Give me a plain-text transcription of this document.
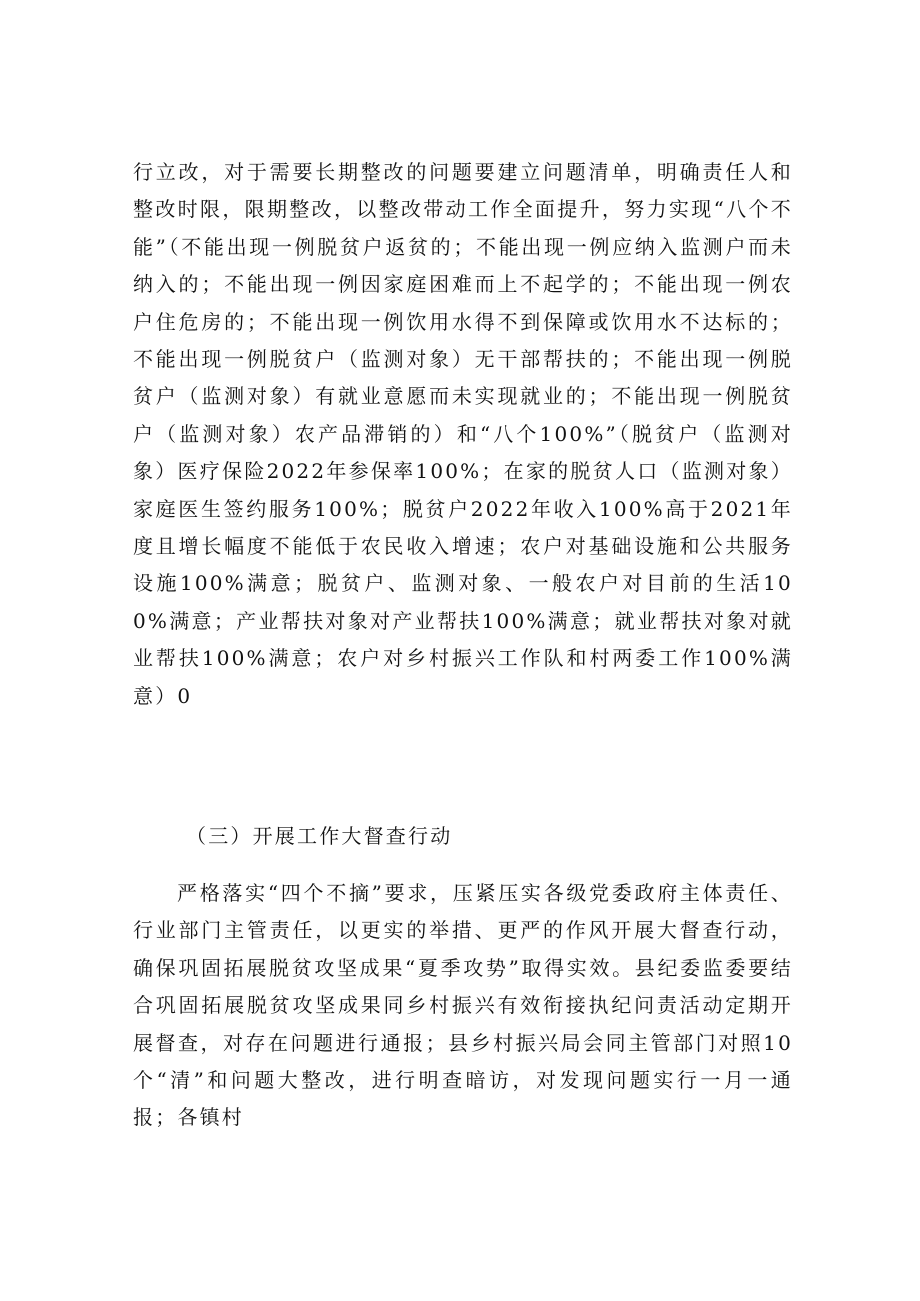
行立改，对于需要长期整改的问题要建立问题清单，明确责任人和整改时限，限期整改，以整改带动工作全面提升，努力实现“八个不能”（不能出现一例脱贫户返贫的；不能出现一例应纳入监测户而未纳入的；不能出现一例因家庭困难而上不起学的；不能出现一例农户住危房的；不能出现一例饮用水得不到保障或饮用水不达标的；不能出现一例脱贫户（监测对象）无干部帮扶的；不能出现一例脱贫户（监测对象）有就业意愿而未实现就业的；不能出现一例脱贫户（监测对象）农产品滞销的）和“八个100%”（脱贫户（监测对象）医疗保险2022年参保率100%；在家的脱贫人口（监测对象）家庭医生签约服务100%；脱贫户2022年收入100%高于2021年度且增长幅度不能低于农民收入增速；农户对基础设施和公共服务设施100%满意；脱贫户、监测对象、一般农户对目前的生活100%满意；产业帮扶对象对产业帮扶100%满意；就业帮扶对象对就业帮扶100%满意；农户对乡村振兴工作队和村两委工作100%满意）0
（三）开展工作大督查行动
严格落实“四个不摘”要求，压紧压实各级党委政府主体责任、行业部门主管责任，以更实的举措、更严的作风开展大督查行动，确保巩固拓展脱贫攻坚成果“夏季攻势”取得实效。县纪委监委要结合巩固拓展脱贫攻坚成果同乡村振兴有效衔接执纪问责活动定期开展督查，对存在问题进行通报；县乡村振兴局会同主管部门对照10个“清”和问题大整改，进行明查暗访，对发现问题实行一月一通报；各镇村
